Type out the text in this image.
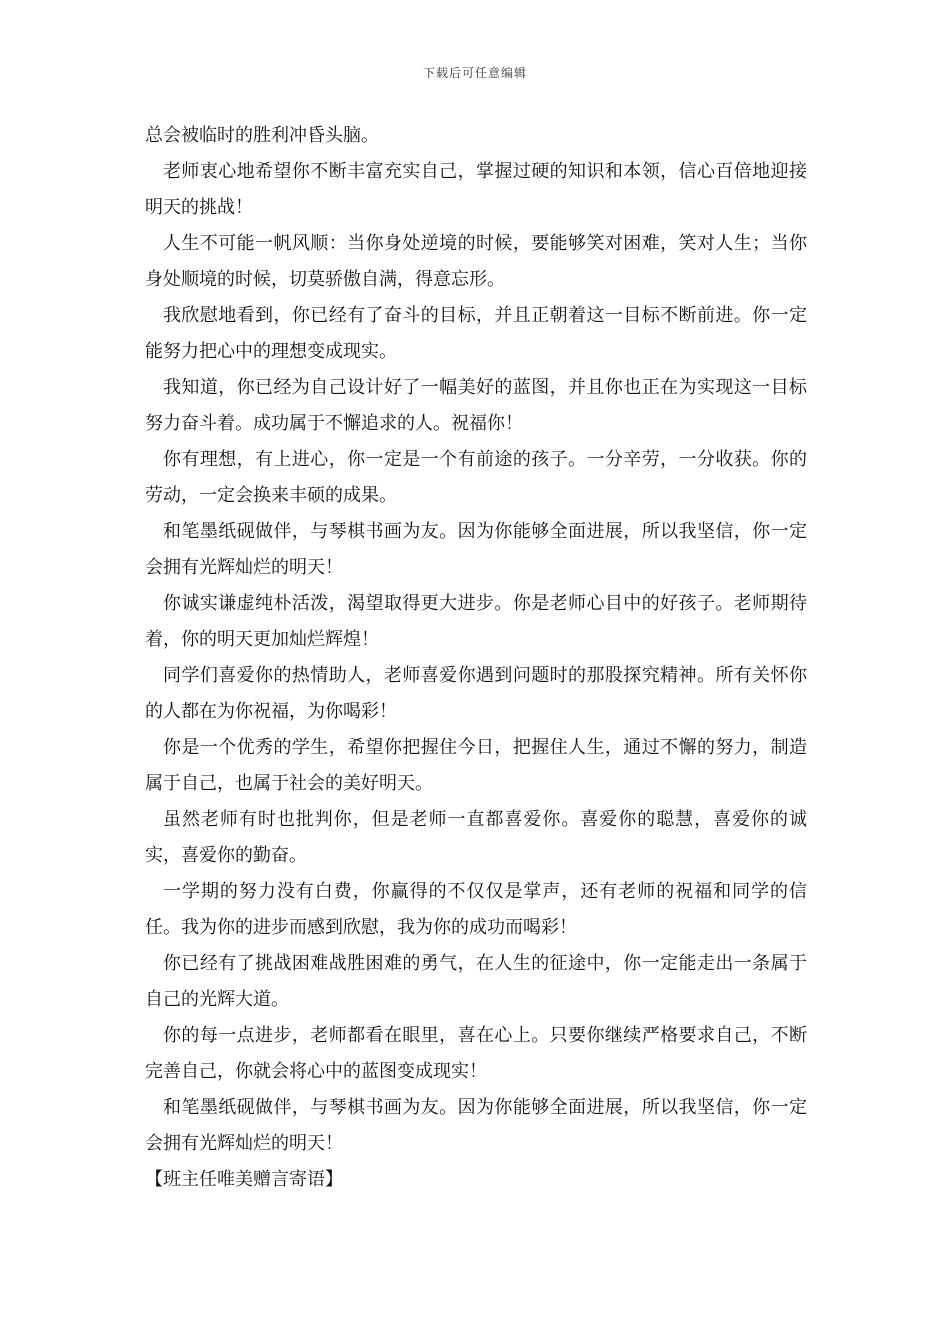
下载后可任意编辑

总会被临时的胜利冲昏头脑。

老师衷心地希望你不断丰富充实自己，掌握过硬的知识和本领，信心百倍地迎接明天的挑战！

人生不可能一帆风顺：当你身处逆境的时候，要能够笑对困难，笑对人生；当你身处顺境的时候，切莫骄傲自满，得意忘形。

我欣慰地看到，你已经有了奋斗的目标，并且正朝着这一目标不断前进。你一定能努力把心中的理想变成现实。

我知道，你已经为自己设计好了一幅美好的蓝图，并且你也正在为实现这一目标努力奋斗着。成功属于不懈追求的人。祝福你！

你有理想，有上进心，你一定是一个有前途的孩子。一分辛劳，一分收获。你的劳动，一定会换来丰硕的成果。

和笔墨纸砚做伴，与琴棋书画为友。因为你能够全面进展，所以我坚信，你一定会拥有光辉灿烂的明天！

你诚实谦虚纯朴活泼，渴望取得更大进步。你是老师心目中的好孩子。老师期待着，你的明天更加灿烂辉煌！

同学们喜爱你的热情助人，老师喜爱你遇到问题时的那股探究精神。所有关怀你的人都在为你祝福，为你喝彩！

你是一个优秀的学生，希望你把握住今日，把握住人生，通过不懈的努力，制造属于自己，也属于社会的美好明天。

虽然老师有时也批判你，但是老师一直都喜爱你。喜爱你的聪慧，喜爱你的诚实，喜爱你的勤奋。

一学期的努力没有白费，你赢得的不仅仅是掌声，还有老师的祝福和同学的信任。我为你的进步而感到欣慰，我为你的成功而喝彩！

你已经有了挑战困难战胜困难的勇气，在人生的征途中，你一定能走出一条属于自己的光辉大道。

你的每一点进步，老师都看在眼里，喜在心上。只要你继续严格要求自己，不断完善自己，你就会将心中的蓝图变成现实！

和笔墨纸砚做伴，与琴棋书画为友。因为你能够全面进展，所以我坚信，你一定会拥有光辉灿烂的明天！

【班主任唯美赠言寄语】
